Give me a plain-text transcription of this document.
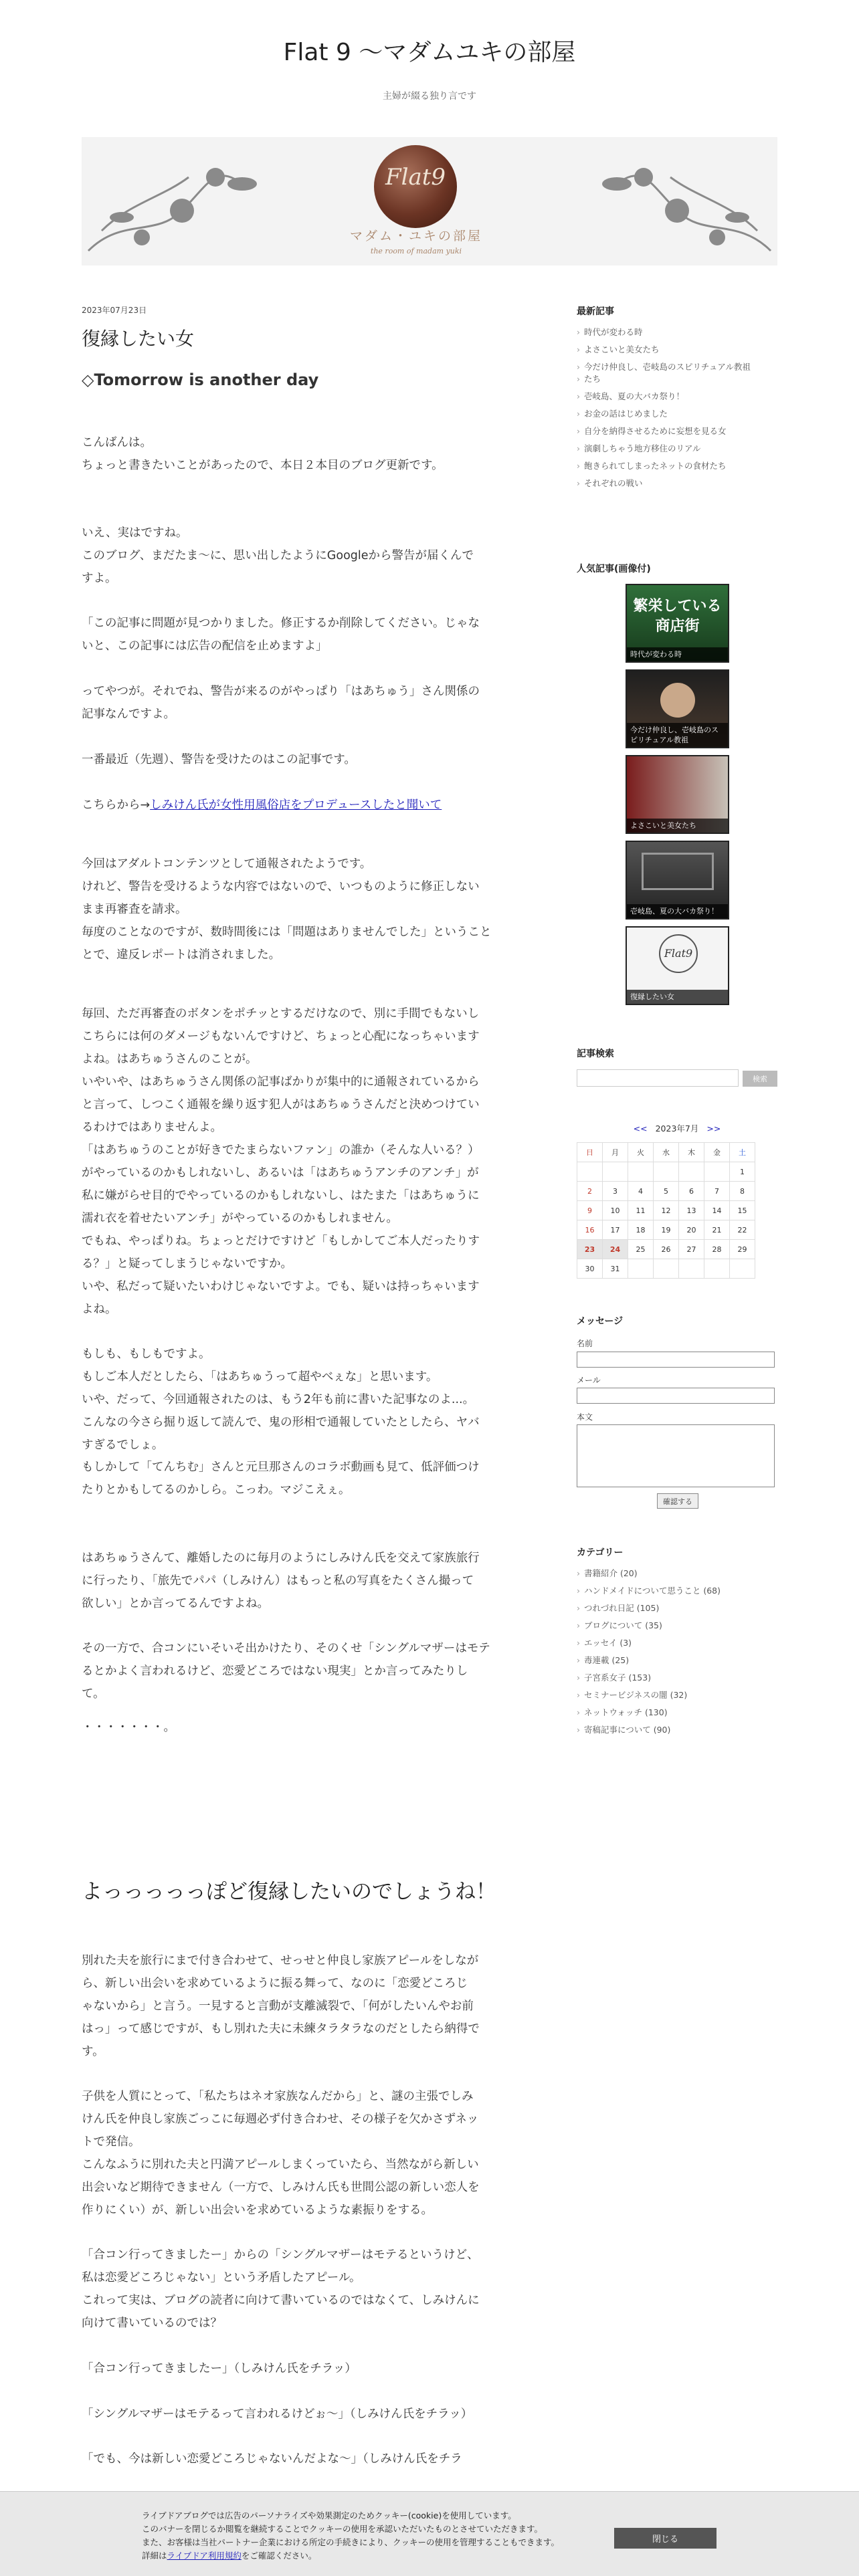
Flat 9 〜マダムユキの部屋
主婦が綴る独り言です
Flat9
マダム・ユキの部屋
the room of madam yuki
2023年07月23日
復縁したい女
◇Tomorrow is another day
こんばんは。
ちょっと書きたいことがあったので、本日２本目のブログ更新です。
いえ、実はですね。
このブログ、まだたま〜に、思い出したようにGoogleから警告が届くんで
すよ。
「この記事に問題が見つかりました。修正するか削除してください。じゃな
いと、この記事には広告の配信を止めますよ」
ってやつが。それでね、警告が来るのがやっぱり「はあちゅう」さん関係の
記事なんですよ。
一番最近（先週）、警告を受けたのはこの記事です。
こちらから→しみけん氏が女性用風俗店をプロデュースしたと聞いて
今回はアダルトコンテンツとして通報されたようです。
けれど、警告を受けるような内容ではないので、いつものように修正しない
まま再審査を請求。
毎度のことなのですが、数時間後には「問題はありませんでした」ということ
とで、違反レポートは消されました。
毎回、ただ再審査のボタンをポチッとするだけなので、別に手間でもないし
こちらには何のダメージもないんですけど、ちょっと心配になっちゃいます
よね。はあちゅうさんのことが。
いやいや、はあちゅうさん関係の記事ばかりが集中的に通報されているから
と言って、しつこく通報を繰り返す犯人がはあちゅうさんだと決めつけてい
るわけではありませんよ。
「はあちゅうのことが好きでたまらないファン」の誰か（そんな人いる？）
がやっているのかもしれないし、あるいは「はあちゅうアンチのアンチ」が
私に嫌がらせ目的でやっているのかもしれないし、はたまた「はあちゅうに
濡れ衣を着せたいアンチ」がやっているのかもしれません。
でもね、やっぱりね。ちょっとだけですけど「もしかしてご本人だったりす
る？」と疑ってしまうじゃないですか。
いや、私だって疑いたいわけじゃないですよ。でも、疑いは持っちゃいます
よね。
もしも、もしもですよ。
もしご本人だとしたら、「はあちゅうって超やべぇな」と思います。
いや、だって、今回通報されたのは、もう2年も前に書いた記事なのよ...。
こんなの今さら掘り返して読んで、鬼の形相で通報していたとしたら、ヤバ
すぎるでしょ。
もしかして「てんちむ」さんと元旦那さんのコラボ動画も見て、低評価つけ
たりとかもしてるのかしら。こっわ。マジこえぇ。
はあちゅうさんて、離婚したのに毎月のようにしみけん氏を交えて家族旅行
に行ったり、「旅先でパパ（しみけん）はもっと私の写真をたくさん撮って
欲しい」とか言ってるんですよね。
その一方で、合コンにいそいそ出かけたり、そのくせ「シングルマザーはモテ
るとかよく言われるけど、恋愛どころではない現実」とか言ってみたりし
て。
・・・・・・・。
よっっっっっぽど復縁したいのでしょうね！
別れた夫を旅行にまで付き合わせて、せっせと仲良し家族アピールをしなが
ら、新しい出会いを求めているように振る舞って、なのに「恋愛どころじ
ゃないから」と言う。一見すると言動が支離滅裂で、「何がしたいんやお前
はっ」って感じですが、もし別れた夫に未練タラタラなのだとしたら納得で
す。
子供を人質にとって、「私たちはネオ家族なんだから」と、謎の主張でしみ
けん氏を仲良し家族ごっこに毎週必ず付き合わせ、その様子を欠かさずネッ
トで発信。
こんなふうに別れた夫と円満アピールしまくっていたら、当然ながら新しい
出会いなど期待できません（一方で、しみけん氏も世間公認の新しい恋人を
作りにくい）が、新しい出会いを求めているような素振りをする。
「合コン行ってきましたー」からの「シングルマザーはモテるというけど、
私は恋愛どころじゃない」という矛盾したアピール。
これって実は、ブログの読者に向けて書いているのではなくて、しみけんに
向けて書いているのでは？
「合コン行ってきましたー」（しみけん氏をチラッ）
「シングルマザーはモテるって言われるけどぉ〜」（しみけん氏をチラッ）
「でも、今は新しい恋愛どころじゃないんだよな〜」（しみけん氏をチラ
最新記事
› 時代が変わる時
› よさこいと美女たち
› 今だけ仲良し、壱岐島のスピリチュアル教祖
› たち
› 壱岐島、夏の大バカ祭り！
› お金の話はじめました
› 自分を納得させるために妄想を見る女
› 演劇しちゃう地方移住のリアル
› 飽きられてしまったネットの食材たち
› それぞれの戦い
人気記事(画像付)
繁栄している
商店街
時代が変わる時
今だけ仲良し、壱岐島のスピリチュアル教祖
よさこいと美女たち
壱岐島、夏の大バカ祭り！
Flat9
復縁したい女
記事検索
検索
<< 2023年7月 >>
日	月	火	水	木	金	土
						1
2	3	4	5	6	7	8
9	10	11	12	13	14	15
16	17	18	19	20	21	22
23	24	25	26	27	28	29
30	31					
メッセージ
名前
メール
本文
確認する
カテゴリー
› 書籍紹介 (20)
› ハンドメイドについて思うこと (68)
› つれづれ日記 (105)
› ブログについて (35)
› エッセイ (3)
› 毒連載 (25)
› 子宮系女子 (153)
› セミナービジネスの闇 (32)
› ネットウォッチ (130)
› 寄稿記事について (90)
ライブドアブログでは広告のパーソナライズや効果測定のためクッキー(cookie)を使用しています。
このバナーを閉じるか閲覧を継続することでクッキーの使用を承認いただいたものとさせていただきます。
また、お客様は当社パートナー企業における所定の手続きにより、クッキーの使用を管理することもできます。
詳細はライブドア利用規約をご確認ください。
閉じる
